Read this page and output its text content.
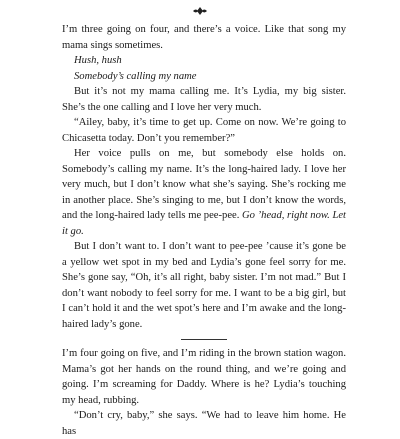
I’m three going on four, and there’s a voice. Like that song my mama sings sometimes.

Hush, hush

Somebody’s calling my name

But it’s not my mama calling me. It’s Lydia, my big sister. She’s the one calling and I love her very much.

“Ailey, baby, it’s time to get up. Come on now. We’re going to Chicasetta today. Don’t you remember?”

Her voice pulls on me, but somebody else holds on. Somebody’s calling my name. It’s the long-haired lady. I love her very much, but I don’t know what she’s saying. She’s rocking me in another place. She’s singing to me, but I don’t know the words, and the long-haired lady tells me pee-pee. Go ’head, right now. Let it go.

But I don’t want to. I don’t want to pee-pee ’cause it’s gone be a yellow wet spot in my bed and Lydia’s gone feel sorry for me. She’s gone say, “Oh, it’s all right, baby sister. I’m not mad.” But I don’t want nobody to feel sorry for me. I want to be a big girl, but I can’t hold it and the wet spot’s here and I’m awake and the long-haired lady’s gone.

I’m four going on five, and I’m riding in the brown station wagon. Mama’s got her hands on the round thing, and we’re going and going. I’m screaming for Daddy. Where is he? Lydia’s touching my head, rubbing.

“Don’t cry, baby,” she says. “We had to leave him home. He has
